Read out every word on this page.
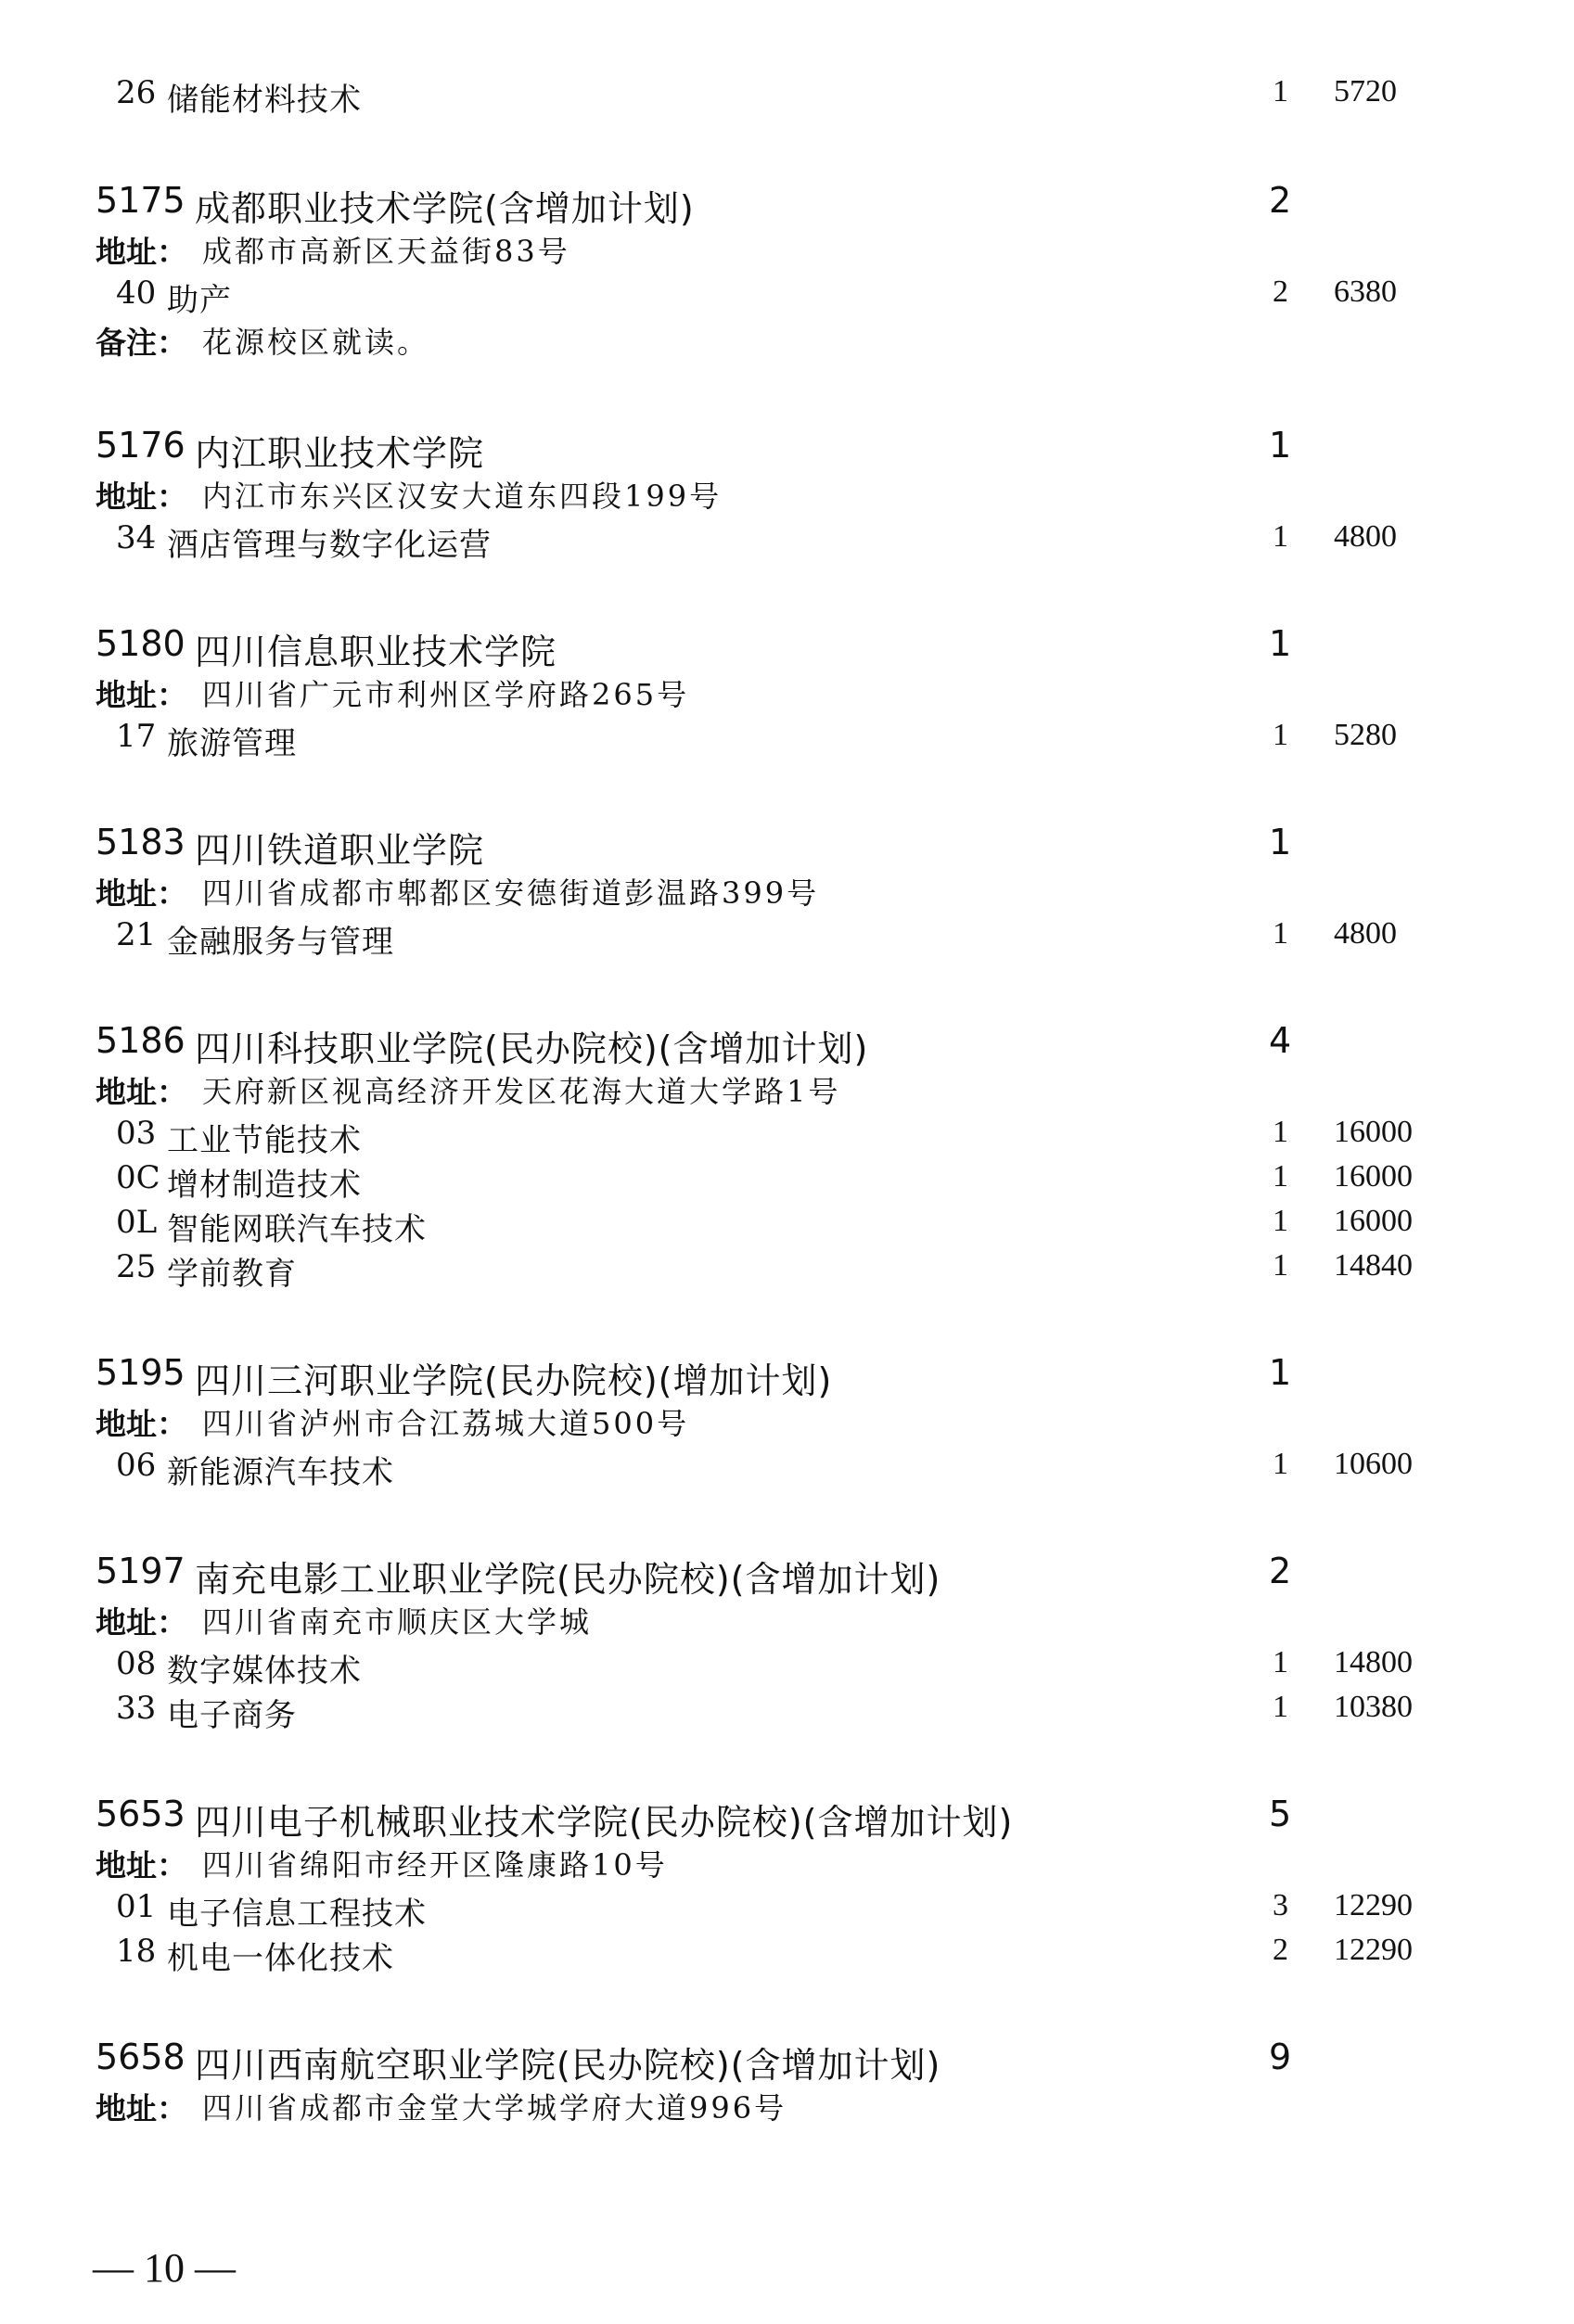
26 储能材料技术	1 5720
5175 成都职业技术学院(含增加计划)	2
地址： 成都市高新区天益街83号
40 助产	2 6380
备注： 花源校区就读。
5176 内江职业技术学院	1
地址： 内江市东兴区汉安大道东四段199号
34 酒店管理与数字化运营	1 4800
5180 四川信息职业技术学院	1
地址： 四川省广元市利州区学府路265号
17 旅游管理	1 5280
5183 四川铁道职业学院	1
地址： 四川省成都市郫都区安德街道彭温路399号
21 金融服务与管理	1 4800
5186 四川科技职业学院(民办院校)(含增加计划)	4
地址： 天府新区视高经济开发区花海大道大学路1号
03 工业节能技术	1 16000
0C 增材制造技术	1 16000
0L 智能网联汽车技术	1 16000
25 学前教育	1 14840
5195 四川三河职业学院(民办院校)(增加计划)	1
地址： 四川省泸州市合江荔城大道500号
06 新能源汽车技术	1 10600
5197 南充电影工业职业学院(民办院校)(含增加计划)	2
地址： 四川省南充市顺庆区大学城
08 数字媒体技术	1 14800
33 电子商务	1 10380
5653 四川电子机械职业技术学院(民办院校)(含增加计划)	5
地址： 四川省绵阳市经开区隆康路10号
01 电子信息工程技术	3 12290
18 机电一体化技术	2 12290
5658 四川西南航空职业学院(民办院校)(含增加计划)	9
地址： 四川省成都市金堂大学城学府大道996号
— 10 —
